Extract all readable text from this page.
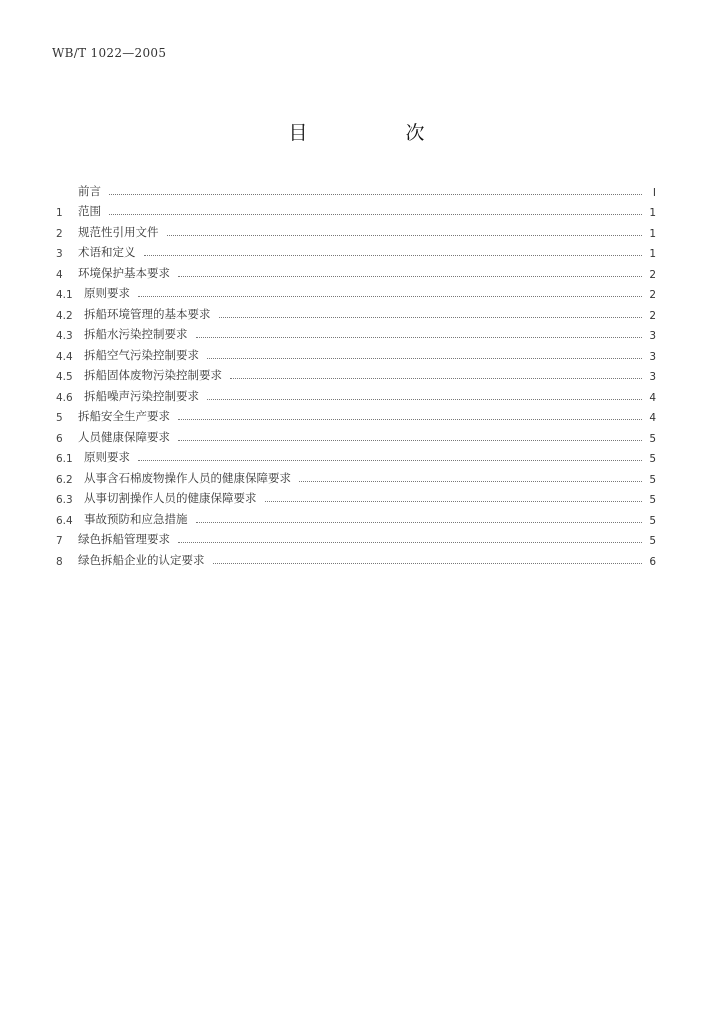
WB/T 1022—2005
目 次
前言	Ⅰ
1	范围	1
2	规范性引用文件	1
3	术语和定义	1
4	环境保护基本要求	2
4.1 原则要求	2
4.2 拆船环境管理的基本要求	2
4.3 拆船水污染控制要求	3
4.4 拆船空气污染控制要求	3
4.5 拆船固体废物污染控制要求	3
4.6 拆船噪声污染控制要求	4
5	拆船安全生产要求	4
6	人员健康保障要求	5
6.1 原则要求	5
6.2 从事含石棉废物操作人员的健康保障要求	5
6.3 从事切割操作人员的健康保障要求	5
6.4 事故预防和应急措施	5
7	绿色拆船管理要求	5
8	绿色拆船企业的认定要求	6
